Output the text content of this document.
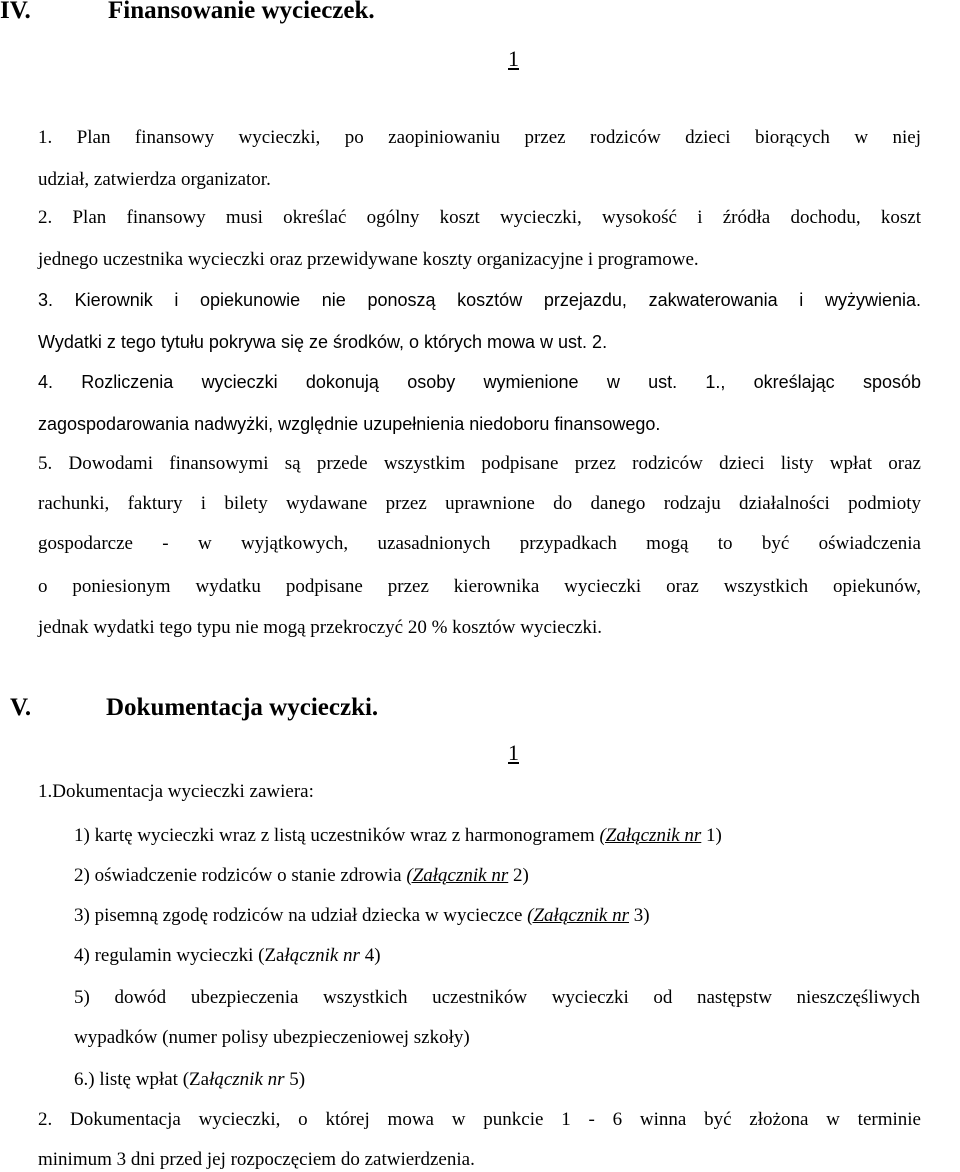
IV.	Finansowanie wycieczek.
1
1. Plan finansowy wycieczki, po zaopiniowaniu przez rodziców dzieci biorących w niej
udział, zatwierdza organizator.
2. Plan finansowy musi określać ogólny koszt wycieczki, wysokość i źródła dochodu, koszt
jednego uczestnika wycieczki oraz przewidywane koszty organizacyjne i programowe.
3. Kierownik i opiekunowie nie ponoszą kosztów przejazdu, zakwaterowania i wyżywienia.
Wydatki z tego tytułu pokrywa się ze środków, o których mowa w ust. 2.
4. Rozliczenia wycieczki dokonują osoby wymienione w ust. 1., określając sposób
zagospodarowania nadwyżki, względnie uzupełnienia niedoboru finansowego.
5. Dowodami finansowymi są przede wszystkim podpisane przez rodziców dzieci listy wpłat oraz
rachunki, faktury i bilety wydawane przez uprawnione do danego rodzaju działalności podmioty
gospodarcze - w wyjątkowych, uzasadnionych przypadkach mogą to być oświadczenia
o poniesionym wydatku podpisane przez kierownika wycieczki oraz wszystkich opiekunów,
jednak wydatki tego typu nie mogą przekroczyć 20 % kosztów wycieczki.
V.	Dokumentacja wycieczki.
1
1.Dokumentacja wycieczki zawiera:
1) kartę wycieczki wraz z listą uczestników wraz z harmonogramem (Załącznik nr 1)
2) oświadczenie rodziców o stanie zdrowia (Załącznik nr 2)
3) pisemną zgodę rodziców na udział dziecka w wycieczce (Załącznik nr 3)
4) regulamin wycieczki (Załącznik nr 4)
5) dowód ubezpieczenia wszystkich uczestników wycieczki od następstw nieszczęśliwych
wypadków (numer polisy ubezpieczeniowej szkoły)
6.) listę wpłat (Załącznik nr 5)
2. Dokumentacja wycieczki, o której mowa w punkcie 1 - 6 winna być złożona w terminie
minimum 3 dni przed jej rozpoczęciem do zatwierdzenia.
